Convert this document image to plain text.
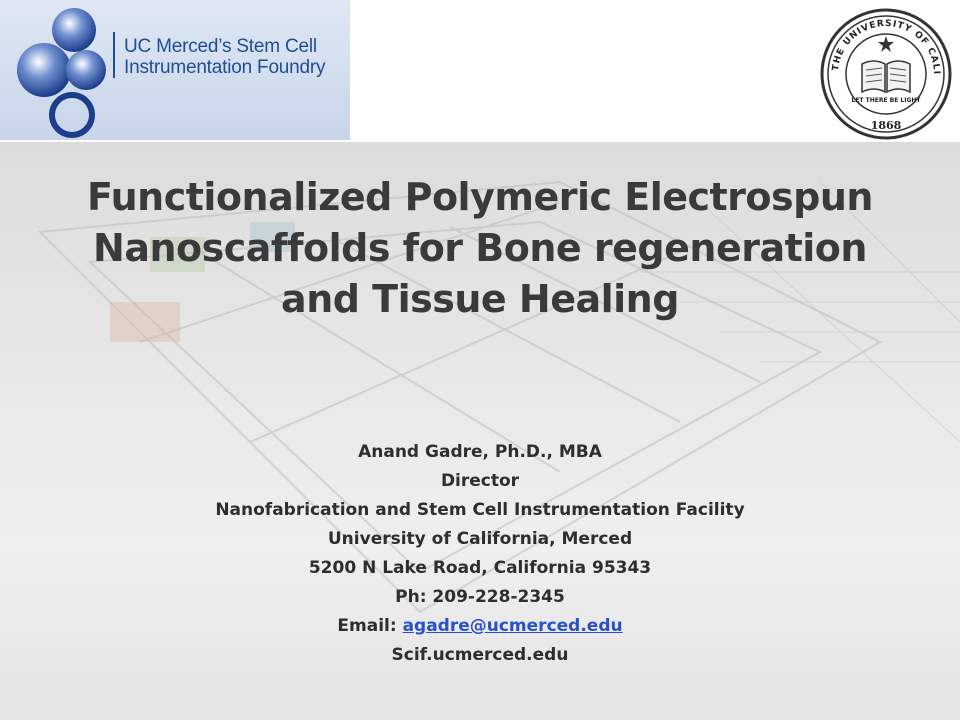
UC Merced’s Stem Cell
Instrumentation Foundry	THE UNIVERSITY OF CALI
LET THERE BE LIGHT
1868
Functionalized Polymeric Electrospun
Nanoscaffolds for Bone regeneration
and Tissue Healing
Anand Gadre, Ph.D., MBA
Director
Nanofabrication and Stem Cell Instrumentation Facility
University of California, Merced
5200 N Lake Road, California 95343
Ph: 209-228-2345
Email: agadre@ucmerced.edu
Scif.ucmerced.edu
